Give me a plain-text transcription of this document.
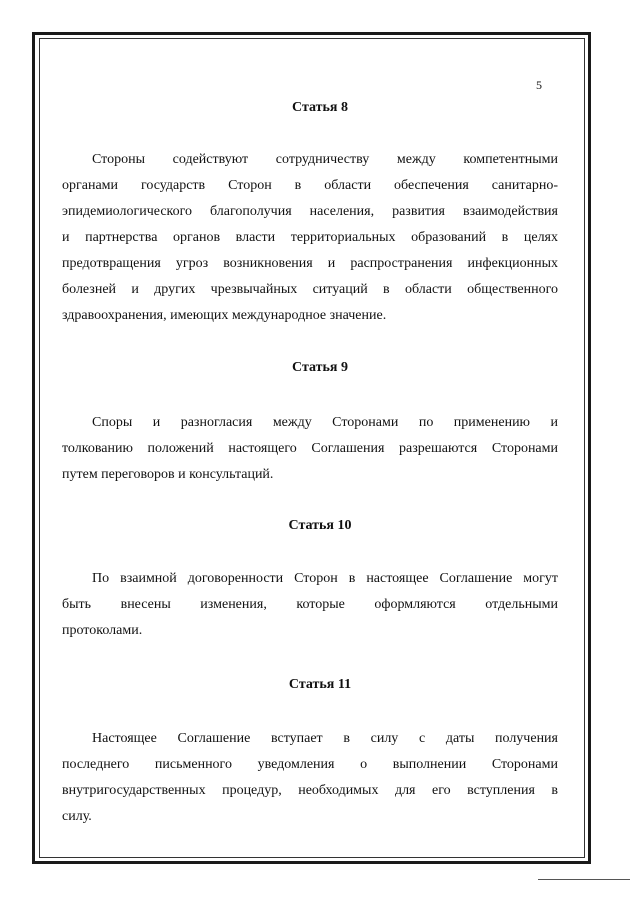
5
Статья 8
Стороны содействуют сотрудничеству между компетентными
органами государств Сторон в области обеспечения санитарно-
эпидемиологического благополучия населения, развития взаимодействия
и партнерства органов власти территориальных образований в целях
предотвращения угроз возникновения и распространения инфекционных
болезней и других чрезвычайных ситуаций в области общественного
здравоохранения, имеющих международное значение.
Статья 9
Споры и разногласия между Сторонами по применению и
толкованию положений настоящего Соглашения разрешаются Сторонами
путем переговоров и консультаций.
Статья 10
По взаимной договоренности Сторон в настоящее Соглашение могут
быть внесены изменения, которые оформляются отдельными
протоколами.
Статья 11
Настоящее Соглашение вступает в силу с даты получения
последнего письменного уведомления о выполнении Сторонами
внутригосударственных процедур, необходимых для его вступления в
силу.
